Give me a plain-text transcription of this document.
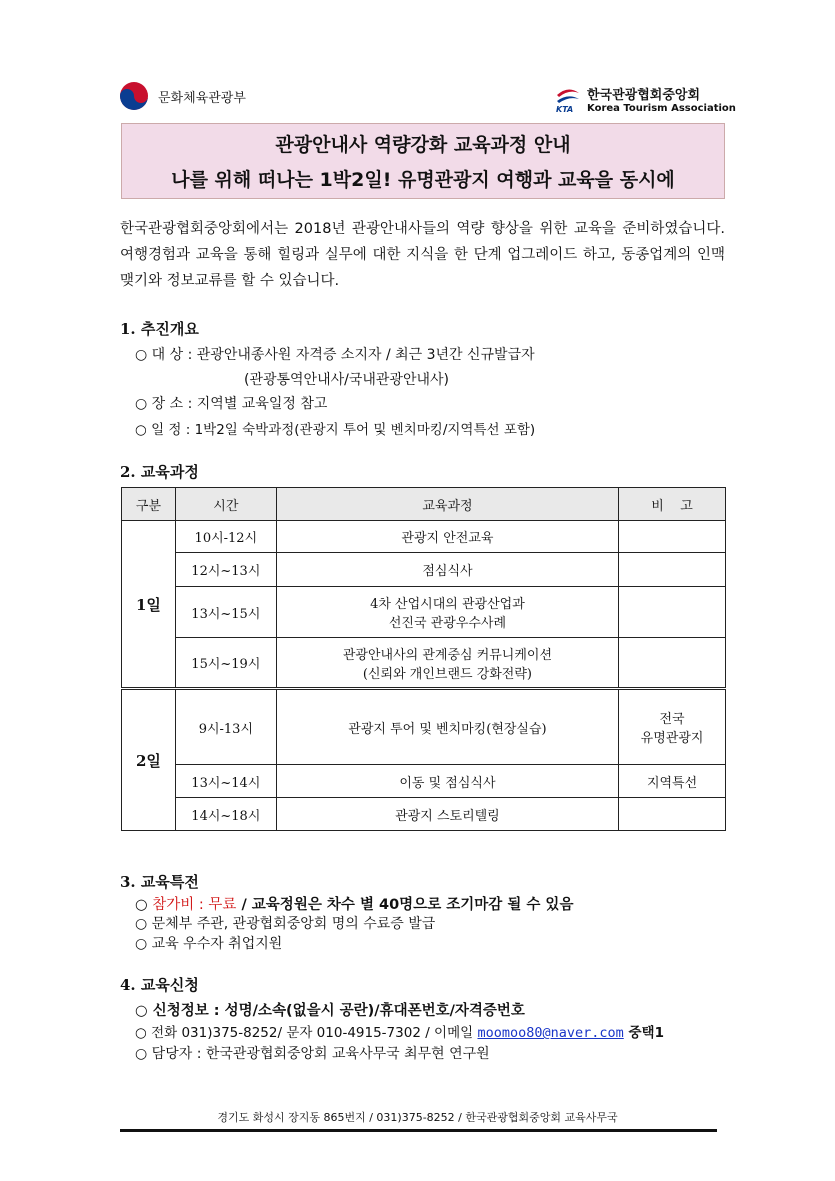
문화체육관광부
KTA
한국관광협회중앙회
Korea Tourism Association
관광안내사 역량강화 교육과정 안내
나를 위해 떠나는 1박2일! 유명관광지 여행과 교육을 동시에
한국관광협회중앙회에서는 2018년 관광안내사들의 역량 향상을 위한 교육을 준비하였습니다. 여행경험과 교육을 통해 힐링과 실무에 대한 지식을 한 단계 업그레이드 하고, 동종업계의 인맥맺기와 정보교류를 할 수 있습니다.
1. 추진개요
○ 대 상 : 관광안내종사원 자격증 소지자 / 최근 3년간 신규발급자
(관광통역안내사/국내관광안내사)
○ 장 소 : 지역별 교육일정 참고
○ 일 정 : 1박2일 숙박과정(관광지 투어 및 벤치마킹/지역특선 포함)
2. 교육과정
구분	시간	교육과정	비    고
1일	10시-12시	관광지 안전교육	
	12시~13시	점심식사	
	13시~15시	4차 산업시대의 관광산업과
선진국 관광우수사례	

	15시~19시	관광안내사의 관계중심 커뮤니케이션
(신뢰와 개인브랜드 강화전략)	

2일	9시-13시	관광지 투어 및 벤치마킹(현장실습)	전국
유명관광지

	13시~14시	이동 및 점심식사	지역특선
	14시~18시	관광지 스토리텔링	
3. 교육특전
○ 참가비 : 무료 / 교육정원은 차수 별 40명으로 조기마감 될 수 있음
○ 문체부 주관, 관광협회중앙회 명의 수료증 발급
○ 교육 우수자 취업지원
4. 교육신청
○ 신청정보 : 성명/소속(없을시 공란)/휴대폰번호/자격증번호
○ 전화 031)375-8252/ 문자 010-4915-7302 / 이메일 moomoo80@naver.com 중택1
○ 담당자 : 한국관광협회중앙회 교육사무국 최무현 연구원
경기도 화성시 장지동 865번지 / 031)375-8252 / 한국관광협회중앙회 교육사무국
